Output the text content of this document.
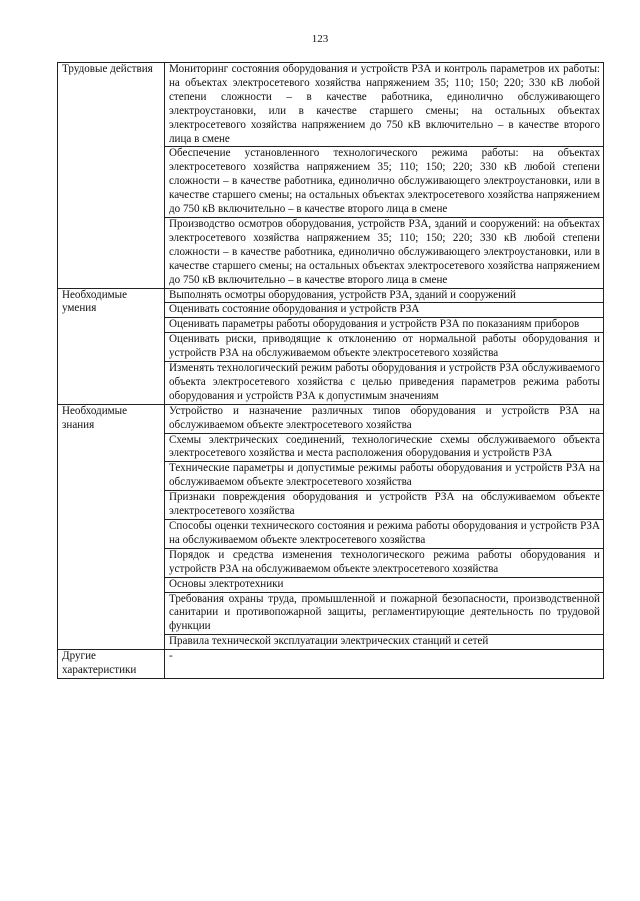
123
Трудовые действия	Мониторинг состояния оборудования и устройств РЗА и контроль параметров их работы: на объектах электросетевого хозяйства напряжением 35; 110; 150; 220; 330 кВ любой степени сложности – в качестве работника, единолично обслуживающего электроустановки, или в качестве старшего смены; на остальных объектах электросетевого хозяйства напряжением до 750 кВ включительно – в качестве второго лица в смене
	Обеспечение установленного технологического режима работы: на объектах электросетевого хозяйства напряжением 35; 110; 150; 220; 330 кВ любой степени сложности – в качестве работника, единолично обслуживающего электроустановки, или в качестве старшего смены; на остальных объектах электросетевого хозяйства напряжением до 750 кВ включительно – в качестве второго лица в смене
	Производство осмотров оборудования, устройств РЗА, зданий и сооружений: на объектах электросетевого хозяйства напряжением 35; 110; 150; 220; 330 кВ любой степени сложности – в качестве работника, единолично обслуживающего электроустановки, или в качестве старшего смены; на остальных объектах электросетевого хозяйства напряжением до 750 кВ включительно – в качестве второго лица в смене
Необходимые умения	Выполнять осмотры оборудования, устройств РЗА, зданий и сооружений
	Оценивать состояние оборудования и устройств РЗА
	Оценивать параметры работы оборудования и устройств РЗА по показаниям приборов
	Оценивать риски, приводящие к отклонению от нормальной работы оборудования и устройств РЗА на обслуживаемом объекте электросетевого хозяйства
	Изменять технологический режим работы оборудования и устройств РЗА обслуживаемого объекта электросетевого хозяйства с целью приведения параметров режима работы оборудования и устройств РЗА к допустимым значениям
Необходимые знания	Устройство и назначение различных типов оборудования и устройств РЗА на обслуживаемом объекте электросетевого хозяйства
	Схемы электрических соединений, технологические схемы обслуживаемого объекта электросетевого хозяйства и места расположения оборудования и устройств РЗА
	Технические параметры и допустимые режимы работы оборудования и устройств РЗА на обслуживаемом объекте электросетевого хозяйства
	Признаки повреждения оборудования и устройств РЗА на обслуживаемом объекте электросетевого хозяйства
	Способы оценки технического состояния и режима работы оборудования и устройств РЗА на обслуживаемом объекте электросетевого хозяйства
	Порядок и средства изменения технологического режима работы оборудования и устройств РЗА на обслуживаемом объекте электросетевого хозяйства
	Основы электротехники
	Требования охраны труда, промышленной и пожарной безопасности, производственной санитарии и противопожарной защиты, регламентирующие деятельность по трудовой функции
	Правила технической эксплуатации электрических станций и сетей
Другие характеристики	-
